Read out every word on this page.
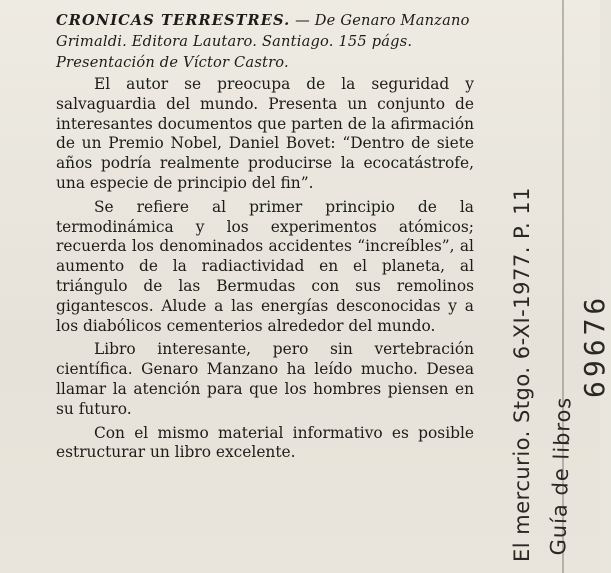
CRONICAS TERRESTRES. — De Genaro Manzano Grimaldi. Editora Lautaro. Santiago. 155 págs. Presentación de Víctor Castro.

El autor se preocupa de la seguridad y salvaguardia del mundo. Presenta un conjunto de interesantes documentos que parten de la afirmación de un Premio Nobel, Daniel Bovet: “Dentro de siete años podría realmente producirse la ecocatástrofe, una especie de principio del fin”.

Se refiere al primer principio de la termodinámica y los experimentos atómicos; recuerda los denominados accidentes “increíbles”, al aumento de la radiactividad en el planeta, al triángulo de las Bermudas con sus remolinos gigantescos. Alude a las energías desconocidas y a los diabólicos cementerios alrededor del mundo.

Libro interesante, pero sin vertebración científica. Genaro Manzano ha leído mucho. Desea llamar la atención para que los hombres piensen en su futuro.

Con el mismo material informativo es posible estructurar un libro excelente.	El mercurio. Stgo. 6-XI-1977. P. 11 Guía de libros
69676
